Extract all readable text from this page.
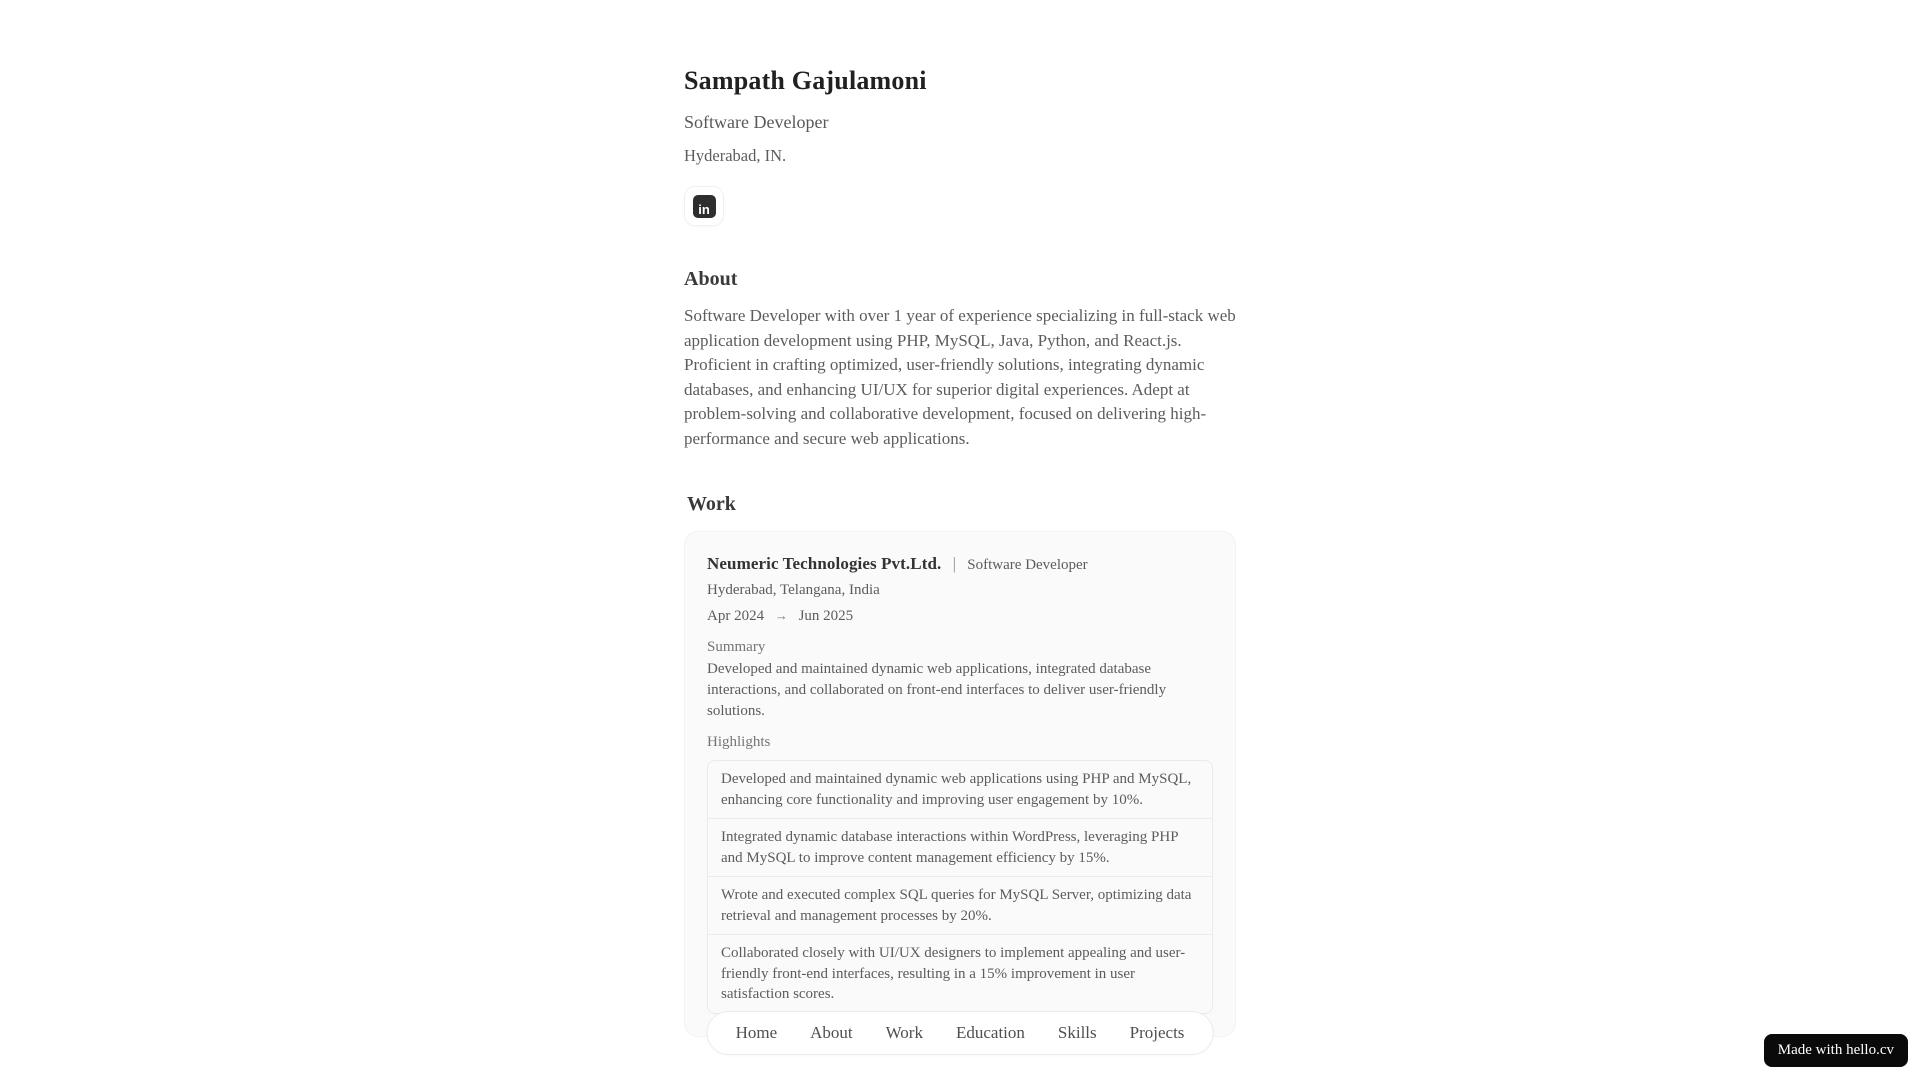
Sampath Gajulamoni
Software Developer
Hyderabad, IN.
in
About

Software Developer with over 1 year of experience specializing in full-stack web application development using PHP, MySQL, Java, Python, and React.js. Proficient in crafting optimized, user-friendly solutions, integrating dynamic databases, and enhancing UI/UX for superior digital experiences. Adept at problem-solving and collaborative development, focused on delivering high-performance and secure web applications.

Work
Neumeric Technologies Pvt.Ltd. | Software Developer
Hyderabad, Telangana, India
Apr 2024 → Jun 2025
Summary
Developed and maintained dynamic web applications, integrated database interactions, and collaborated on front-end interfaces to deliver user-friendly solutions.
Highlights
Developed and maintained dynamic web applications using PHP and MySQL, enhancing core functionality and improving user engagement by 10%.
Integrated dynamic database interactions within WordPress, leveraging PHP and MySQL to improve content management efficiency by 15%.
Wrote and executed complex SQL queries for MySQL Server, optimizing data retrieval and management processes by 20%.
Collaborated closely with UI/UX designers to implement appealing and user-friendly front-end interfaces, resulting in a 15% improvement in user satisfaction scores.
Home About Work Education Skills Projects
Made with hello.cv
